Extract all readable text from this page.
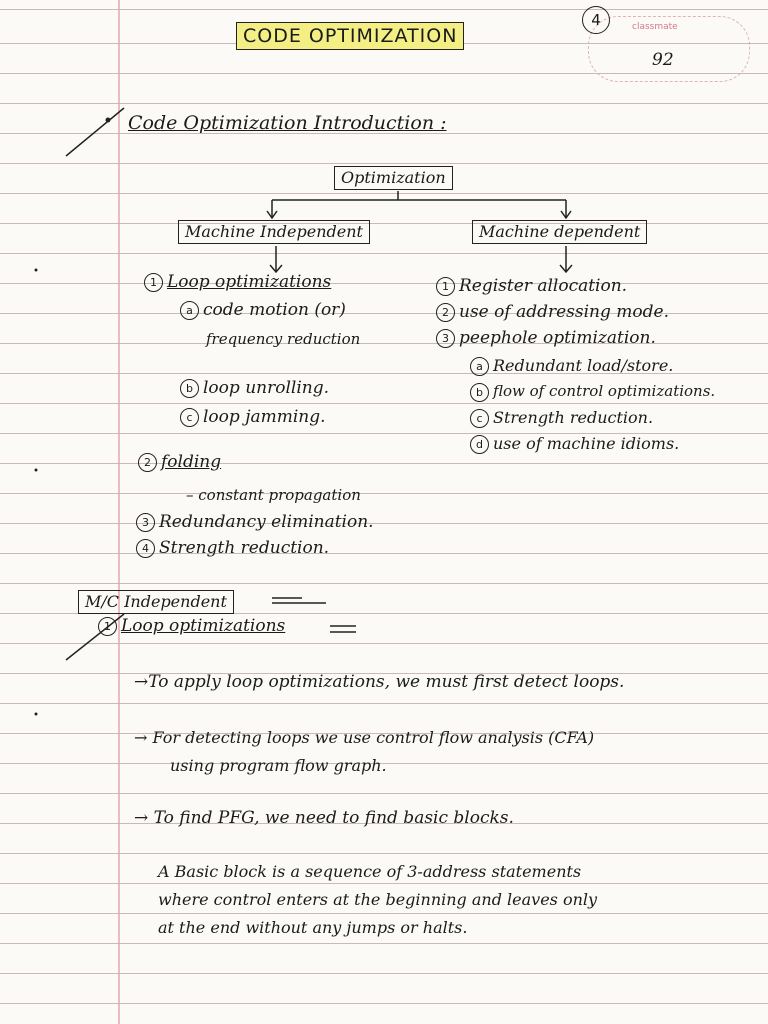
CODE OPTIMIZATION	classmate
92
4
Code Optimization Introduction :
Optimization
Machine Independent	Machine dependent
1 Loop optimizations
a code motion (or)
frequency reduction
b loop unrolling.
c loop jamming.
2 folding
– constant propagation
3 Redundancy elimination.
4 Strength reduction.
1 Register allocation.
2 use of addressing mode.
3 peephole optimization.
a Redundant load/store.
b flow of control optimizations.
c Strength reduction.
d use of machine idioms.
M/C Independent
1 Loop optimizations
→To apply loop optimizations, we must first detect loops.
→ For detecting loops we use control flow analysis (CFA)
using program flow graph.
→ To find PFG, we need to find basic blocks.
A Basic block is a sequence of 3-address statements
where control enters at the beginning and leaves only
at the end without any jumps or halts.
